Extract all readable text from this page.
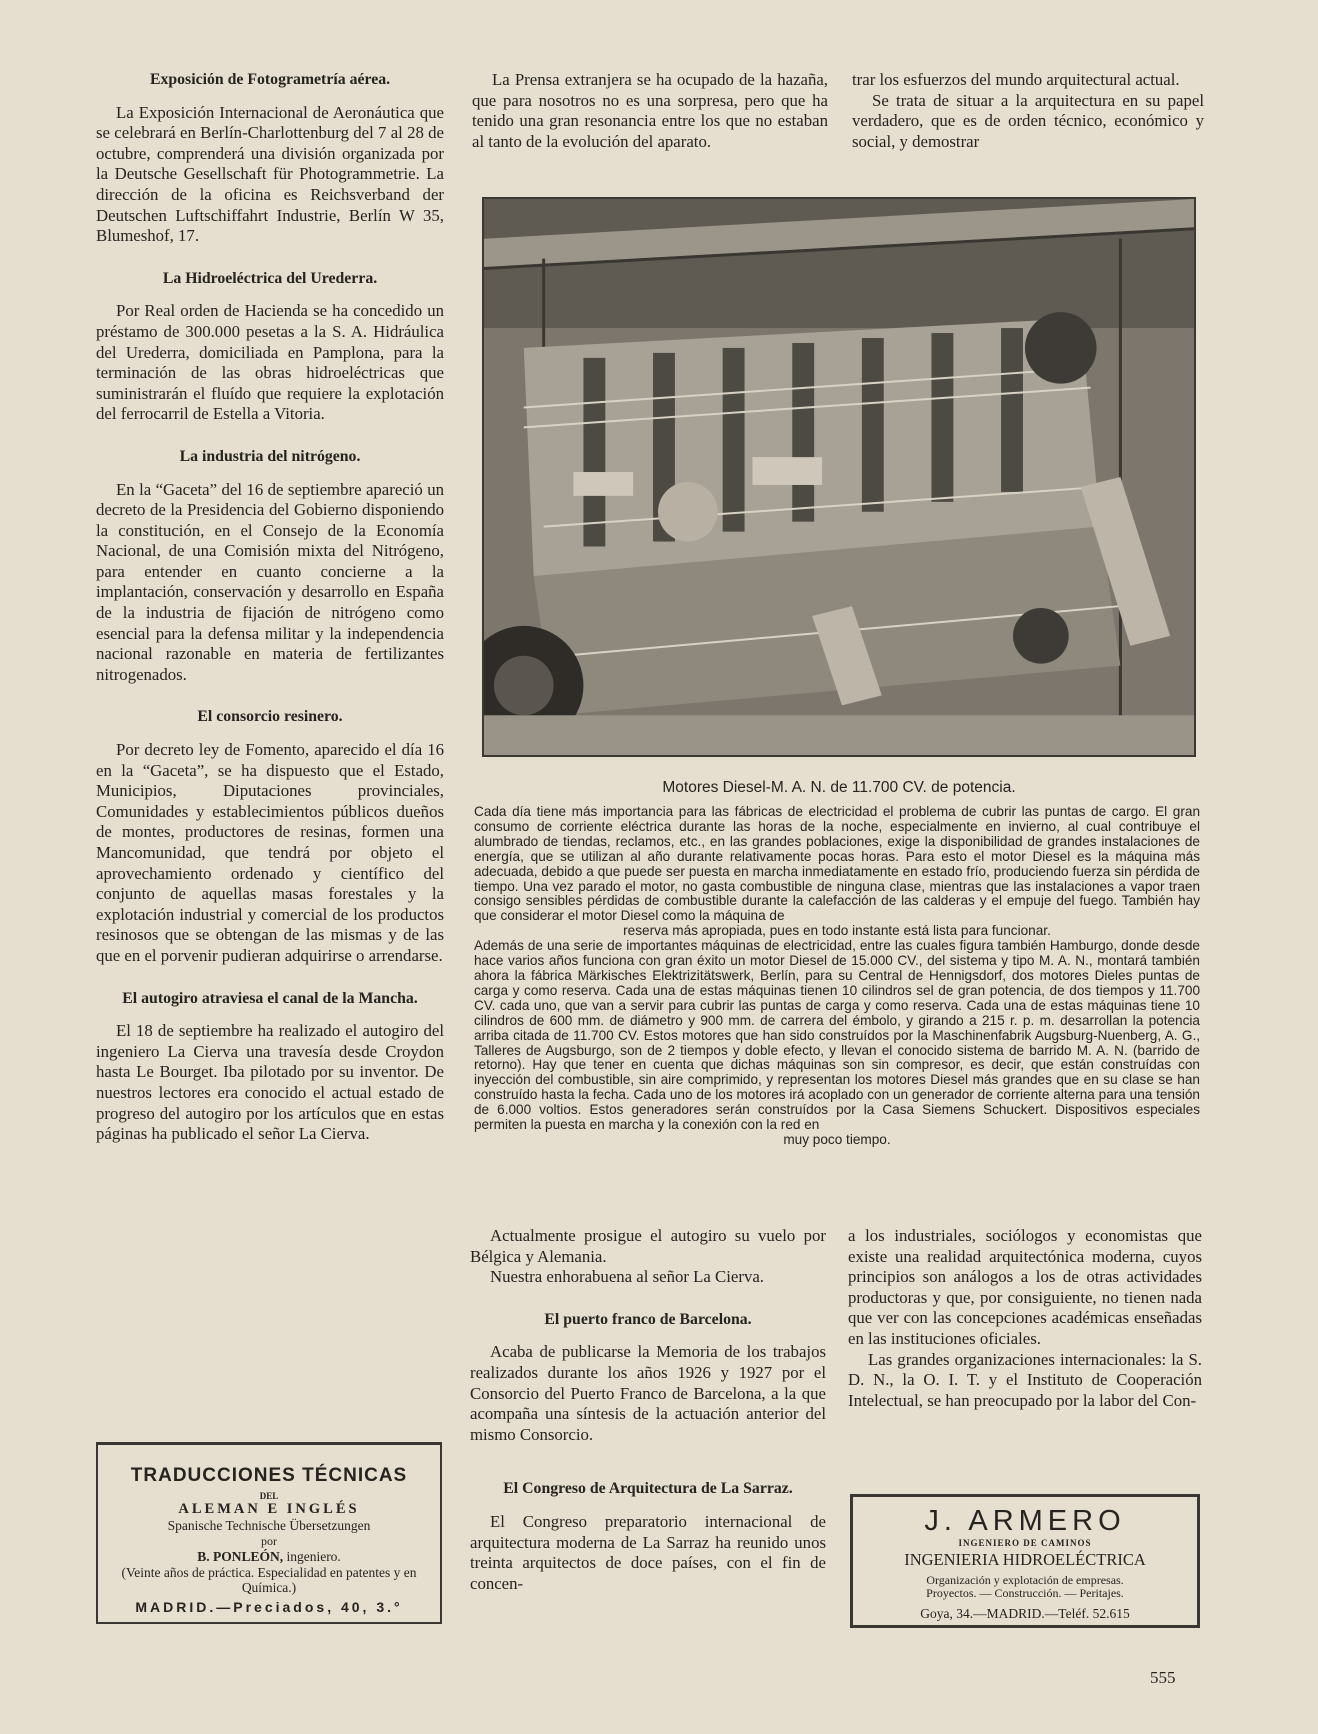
Exposición de Fotogrametría aérea.

La Exposición Internacional de Aeronáutica que se celebrará en Berlín-Charlottenburg del 7 al 28 de octubre, comprenderá una división organizada por la Deutsche Gesellschaft für Photogrammetrie. La dirección de la oficina es Reichsverband der Deutschen Luftschiffahrt Industrie, Berlín W 35, Blumeshof, 17.

La Hidroeléctrica del Urederra.

Por Real orden de Hacienda se ha concedido un préstamo de 300.000 pesetas a la S. A. Hidráulica del Urederra, domiciliada en Pamplona, para la terminación de las obras hidroeléctricas que suministrarán el fluído que requiere la explotación del ferrocarril de Estella a Vitoria.

La industria del nitrógeno.

En la “Gaceta” del 16 de septiembre apareció un decreto de la Presidencia del Gobierno disponiendo la constitución, en el Consejo de la Economía Nacional, de una Comisión mixta del Nitrógeno, para entender en cuanto concierne a la implantación, conservación y desarrollo en España de la industria de fijación de nitrógeno como esencial para la defensa militar y la independencia nacional razonable en materia de fertilizantes nitrogenados.

El consorcio resinero.

Por decreto ley de Fomento, aparecido el día 16 en la “Gaceta”, se ha dispuesto que el Estado, Municipios, Diputaciones provinciales, Comunidades y establecimientos públicos dueños de montes, productores de resinas, formen una Mancomunidad, que tendrá por objeto el aprovechamiento ordenado y científico del conjunto de aquellas masas forestales y la explotación industrial y comercial de los productos resinosos que se obtengan de las mismas y de las que en el porvenir pudieran adquirirse o arrendarse.

El autogiro atraviesa el canal de la Mancha.

El 18 de septiembre ha realizado el autogiro del ingeniero La Cierva una travesía desde Croydon hasta Le Bourget. Iba pilotado por su inventor. De nuestros lectores era conocido el actual estado de progreso del autogiro por los artículos que en estas páginas ha publicado el señor La Cierva.

La Prensa extranjera se ha ocupado de la hazaña, que para nosotros no es una sorpresa, pero que ha tenido una gran resonancia entre los que no estaban al tanto de la evolución del aparato.

trar los esfuerzos del mundo arquitectural actual.

Se trata de situar a la arquitectura en su papel verdadero, que es de orden técnico, económico y social, y demostrar

Motores Diesel-M. A. N. de 11.700 CV. de potencia.

Cada día tiene más importancia para las fábricas de electricidad el problema de cubrir las puntas de cargo. El gran consumo de corriente eléctrica durante las horas de la noche, especialmente en invierno, al cual contribuye el alumbrado de tiendas, reclamos, etc., en las grandes poblaciones, exige la disponibilidad de grandes instalaciones de energía, que se utilizan al año durante relativamente pocas horas. Para esto el motor Diesel es la máquina más adecuada, debido a que puede ser puesta en marcha inmediatamente en estado frío, produciendo fuerza sin pérdida de tiempo. Una vez parado el motor, no gasta combustible de ninguna clase, mientras que las instalaciones a vapor traen consigo sensibles pérdidas de combustible durante la calefacción de las calderas y el empuje del fuego. También hay que considerar el motor Diesel como la máquina de

reserva más apropiada, pues en todo instante está lista para funcionar.

Además de una serie de importantes máquinas de electricidad, entre las cuales figura también Hamburgo, donde desde hace varios años funciona con gran éxito un motor Diesel de 15.000 CV., del sistema y tipo M. A. N., montará también ahora la fábrica Märkisches Elektrizitätswerk, Berlín, para su Central de Hennigsdorf, dos motores Dieles puntas de carga y como reserva. Cada una de estas máquinas tienen 10 cilindros sel de gran potencia, de dos tiempos y 11.700 CV. cada uno, que van a servir para cubrir las puntas de carga y como reserva. Cada una de estas máquinas tiene 10 cilindros de 600 mm. de diámetro y 900 mm. de carrera del émbolo, y girando a 215 r. p. m. desarrollan la potencia arriba citada de 11.700 CV. Estos motores que han sido construídos por la Maschinenfabrik Augsburg-Nuenberg, A. G., Talleres de Augsburgo, son de 2 tiempos y doble efecto, y llevan el conocido sistema de barrido M. A. N. (barrido de retorno). Hay que tener en cuenta que dichas máquinas son sin compresor, es decir, que están construídas con inyección del combustible, sin aire comprimido, y representan los motores Diesel más grandes que en su clase se han construído hasta la fecha. Cada uno de los motores irá acoplado con un generador de corriente alterna para una tensión de 6.000 voltios. Estos generadores serán construídos por la Casa Siemens Schuckert. Dispositivos especiales permiten la puesta en marcha y la conexión con la red en

muy poco tiempo.

Actualmente prosigue el autogiro su vuelo por Bélgica y Alemania.

Nuestra enhorabuena al señor La Cierva.

El puerto franco de Barcelona.

Acaba de publicarse la Memoria de los trabajos realizados durante los años 1926 y 1927 por el Consorcio del Puerto Franco de Barcelona, a la que acompaña una síntesis de la actuación anterior del mismo Consorcio.

El Congreso de Arquitectura de La Sarraz.

El Congreso preparatorio internacional de arquitectura moderna de La Sarraz ha reunido unos treinta arquitectos de doce países, con el fin de concen-

a los industriales, sociólogos y economistas que existe una realidad arquitectónica moderna, cuyos principios son análogos a los de otras actividades productoras y que, por consiguiente, no tienen nada que ver con las concepciones académicas enseñadas en las instituciones oficiales.

Las grandes organizaciones internacionales: la S. D. N., la O. I. T. y el Instituto de Cooperación Intelectual, se han preocupado por la labor del Con-

TRADUCCIONES TÉCNICAS
DEL
ALEMAN E INGLÉS
Spanische Technische Übersetzungen
por
B. PONLEÓN, ingeniero.
(Veinte años de práctica. Especialidad en patentes y en Química.)
MADRID.—Preciados, 40, 3.°
J. ARMERO
INGENIERO DE CAMINOS
INGENIERIA HIDROELÉCTRICA
Organización y explotación de empresas.
Proyectos. — Construcción. — Peritajes.
Goya, 34.—MADRID.—Teléf. 52.615
555
